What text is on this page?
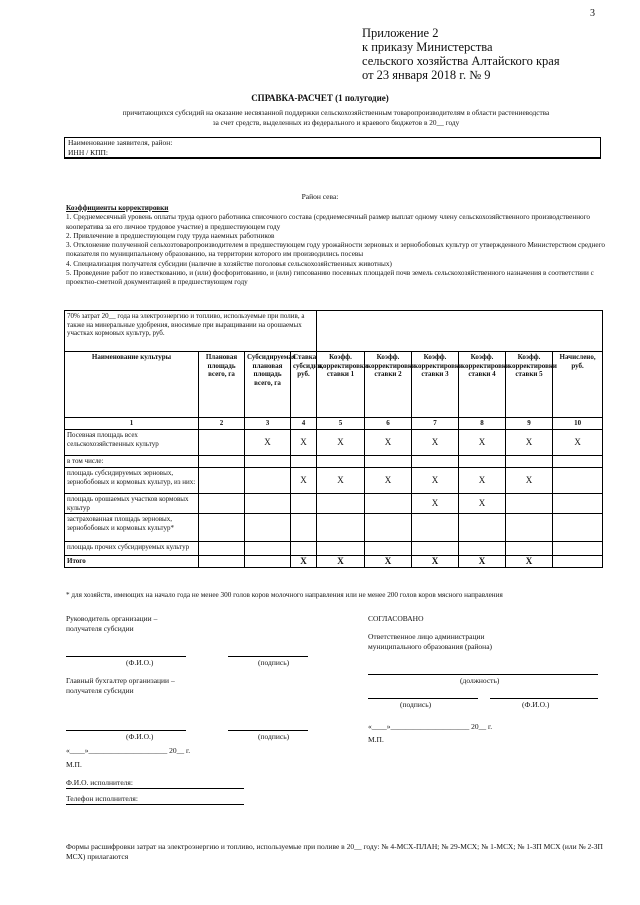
3
Приложение 2
к приказу Министерства
сельского хозяйства Алтайского края
от 23 января 2018 г. № 9
СПРАВКА-РАСЧЕТ (1 полугодие)
причитающихся субсидий на оказание несвязанной поддержки сельскохозяйственным товаропроизводителям в области растениеводства
за счет средств, выделенных из федерального и краевого бюджетов в 20__ году
Наименование заявителя, район:
ИНН / КПП:
Район сева:
Коэффициенты корректировки
1. Среднемесячный уровень оплаты труда одного работника списочного состава (среднемесячный размер выплат одному члену сельскохозяйственного производственного кооператива за его личное трудовое участие) в предшествующем году
2. Привлечение в предшествующем году труда наемных работников
3. Отклонение полученной сельхозтоваропроизводителем в предшествующем году урожайности зерновых и зернобобовых культур от утвержденного Министерством среднего показателя по муниципальному образованию, на территории которого им производились посевы
4. Специализация получателя субсидии (наличие в хозяйстве поголовья сельскохозяйственных животных)
5. Проведение работ по известкованию, и (или) фосфоритованию, и (или) гипсованию посевных площадей почв земель сельскохозяйственного назначения в соответствии с проектно-сметной документацией в предшествующем году
70% затрат 20__ года на электроэнергию и топливо, используемые при полив, а также на минеральные удобрения, вносимые при выращивании на орошаемых участках кормовых культур, руб.									
Наименование культуры	Плановая площадь всего, га	Субсидируемая плановая площадь всего, га	Ставка субсидии, руб.	Коэфф. корректировки ставки 1	Коэфф. корректировки ставки 2	Коэфф. корректировки ставки 3	Коэфф. корректировки ставки 4	Коэфф. корректировки ставки 5	Начислено, руб.
1	2	3	4	5	6	7	8	9	10
Посевная площадь всех сельскохозяйственных культур		X	X	X	X	X	X	X	X
в том числе:									
площадь субсидируемых зерновых, зернобобовых и кормовых культур, из них:			X	X	X	X	X	X	
площадь орошаемых участков кормовых культур						X	X		
застрахованная площадь зерновых, зернобобовых и кормовых культур*									
площадь прочих субсидируемых культур									
Итого			X	X	X	X	X	X	
* для хозяйств, имеющих на начало года не менее 300 голов коров молочного направления или не менее 200 голов коров мясного направления
Руководитель организации –
получателя субсидии
(Ф.И.О.)	(подпись)
Главный бухгалтер организации –
получателя субсидии
(Ф.И.О.)	(подпись)
«____»_____________________ 20__ г.
М.П.
Ф.И.О. исполнителя:
Телефон исполнителя:
СОГЛАСОВАНО
Ответственное лицо администрации
муниципального образования (района)
(должность)
(подпись)	(Ф.И.О.)
«____»_____________________ 20__ г.
М.П.
Формы расшифровки затрат на электроэнергию и топливо, используемые при поливе в 20__ году: № 4-МСХ-ПЛАН; № 29-МСХ; № 1-МСХ; № 1-ЗП МСХ (или № 2-ЗП МСХ) прилагаются
